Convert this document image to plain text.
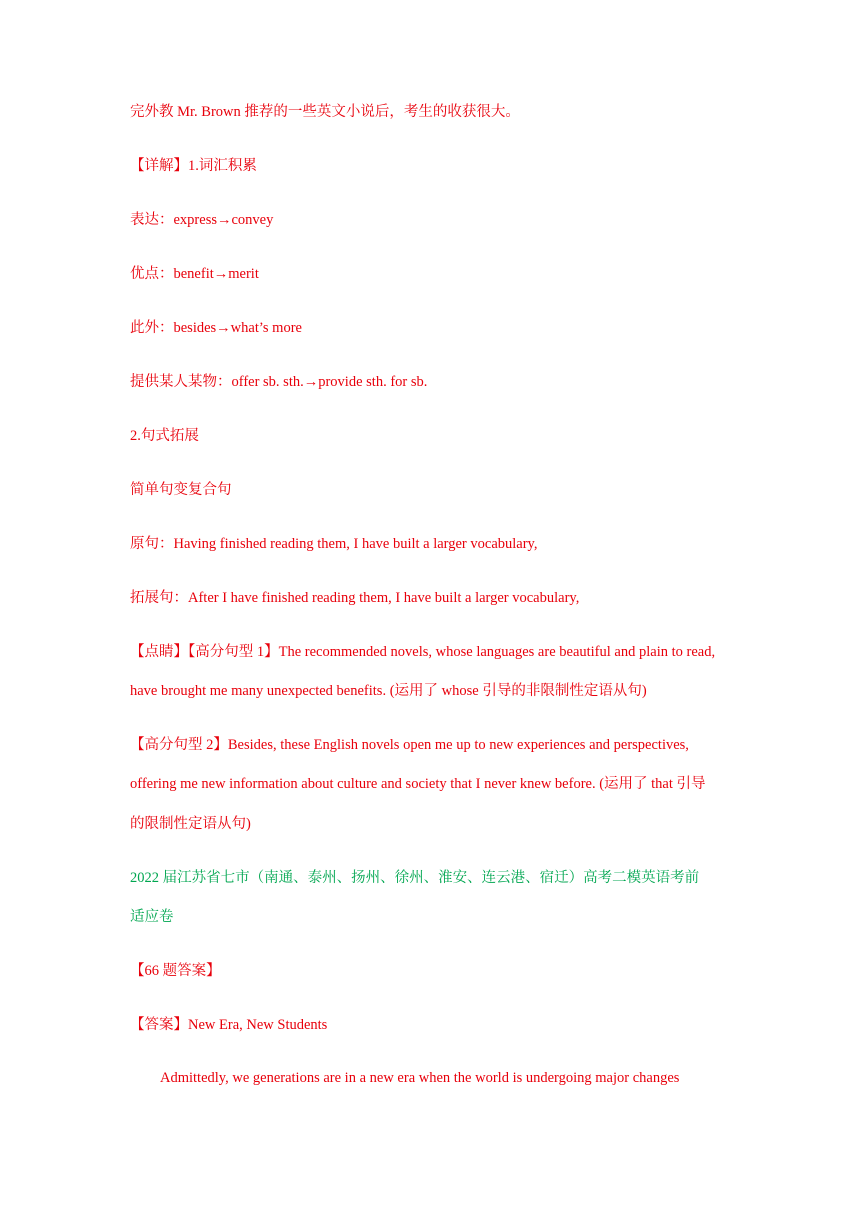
完外教 Mr. Brown 推荐的一些英文小说后，考生的收获很大。
【详解】1.词汇积累
表达：express→convey
优点：benefit→merit
此外：besides→what’s more
提供某人某物：offer sb. sth.→provide sth. for sb.
2.句式拓展
简单句变复合句
原句：Having finished reading them, I have built a larger vocabulary,
拓展句：After I have finished reading them, I have built a larger vocabulary,
【点睛】【高分句型 1】The recommended novels, whose languages are beautiful and plain to read,
have brought me many unexpected benefits. (运用了 whose 引导的非限制性定语从句)
【高分句型 2】Besides, these English novels open me up to new experiences and perspectives,
offering me new information about culture and society that I never knew before. (运用了 that 引导
的限制性定语从句)
2022 届江苏省七市（南通、泰州、扬州、徐州、淮安、连云港、宿迁）高考二模英语考前
适应卷
【66 题答案】
【答案】New Era, New Students
Admittedly, we generations are in a new era when the world is undergoing major changes
